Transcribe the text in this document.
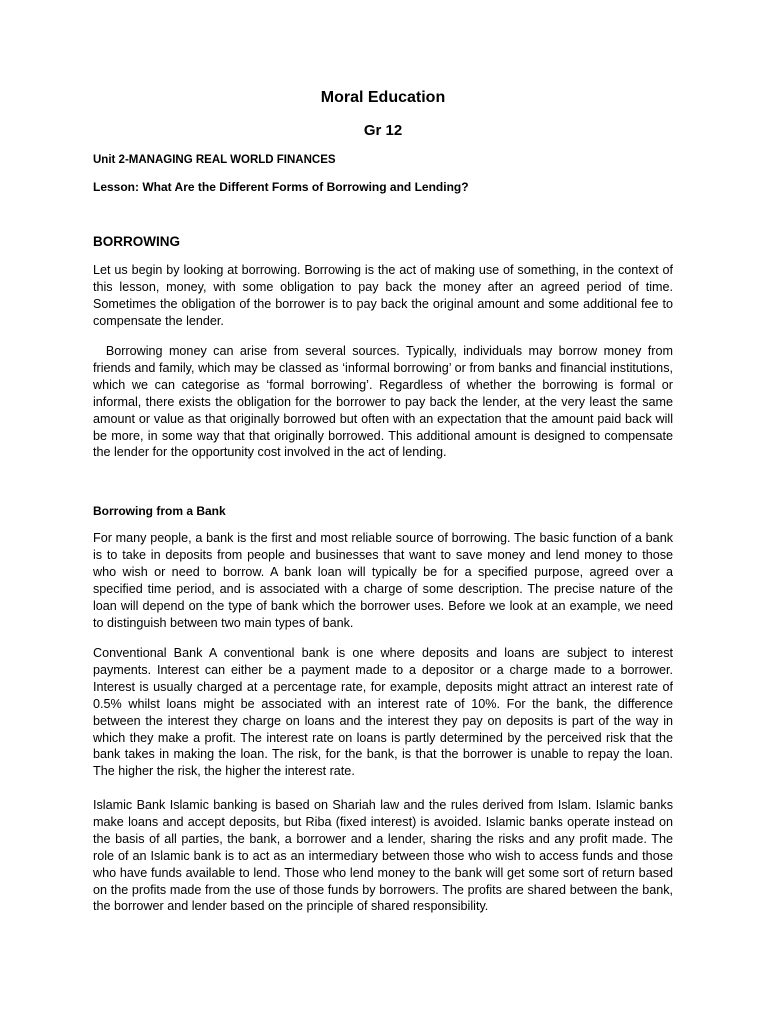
Moral Education
Gr 12

Unit 2-MANAGING REAL WORLD FINANCES

Lesson: What Are the Different Forms of Borrowing and Lending?

BORROWING

Let us begin by looking at borrowing. Borrowing is the act of making use of something, in the context of this lesson, money, with some obligation to pay back the money after an agreed period of time. Sometimes the obligation of the borrower is to pay back the original amount and some additional fee to compensate the lender.

Borrowing money can arise from several sources. Typically, individuals may borrow money from friends and family, which may be classed as ‘informal borrowing’ or from banks and financial institutions, which we can categorise as ‘formal borrowing’. Regardless of whether the borrowing is formal or informal, there exists the obligation for the borrower to pay back the lender, at the very least the same amount or value as that originally borrowed but often with an expectation that the amount paid back will be more, in some way that that originally borrowed. This additional amount is designed to compensate the lender for the opportunity cost involved in the act of lending.

Borrowing from a Bank

For many people, a bank is the first and most reliable source of borrowing. The basic function of a bank is to take in deposits from people and businesses that want to save money and lend money to those who wish or need to borrow. A bank loan will typically be for a specified purpose, agreed over a specified time period, and is associated with a charge of some description. The precise nature of the loan will depend on the type of bank which the borrower uses. Before we look at an example, we need to distinguish between two main types of bank.

Conventional Bank A conventional bank is one where deposits and loans are subject to interest payments. Interest can either be a payment made to a depositor or a charge made to a borrower. Interest is usually charged at a percentage rate, for example, deposits might attract an interest rate of 0.5% whilst loans might be associated with an interest rate of 10%. For the bank, the difference between the interest they charge on loans and the interest they pay on deposits is part of the way in which they make a profit. The interest rate on loans is partly determined by the perceived risk that the bank takes in making the loan. The risk, for the bank, is that the borrower is unable to repay the loan. The higher the risk, the higher the interest rate.

Islamic Bank Islamic banking is based on Shariah law and the rules derived from Islam. Islamic banks make loans and accept deposits, but Riba (fixed interest) is avoided. Islamic banks operate instead on the basis of all parties, the bank, a borrower and a lender, sharing the risks and any profit made. The role of an Islamic bank is to act as an intermediary between those who wish to access funds and those who have funds available to lend. Those who lend money to the bank will get some sort of return based on the profits made from the use of those funds by borrowers. The profits are shared between the bank, the borrower and lender based on the principle of shared responsibility.
